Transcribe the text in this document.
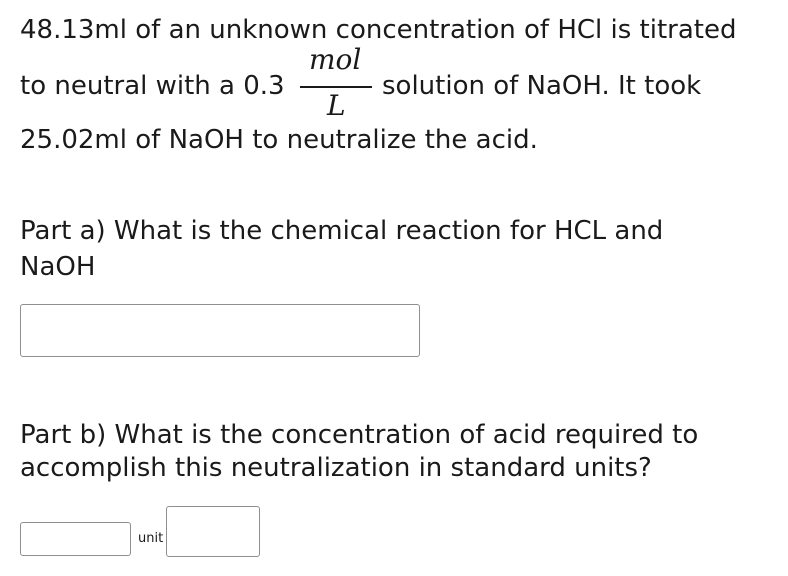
48.13ml of an unknown concentration of HCl is titrated
to neutral with a 0.3
mol
L
solution of NaOH. It took
25.02ml of NaOH to neutralize the acid.
Part a) What is the chemical reaction for HCL and
NaOH
Part b) What is the concentration of acid required to
accomplish this neutralization in standard units?
unit
